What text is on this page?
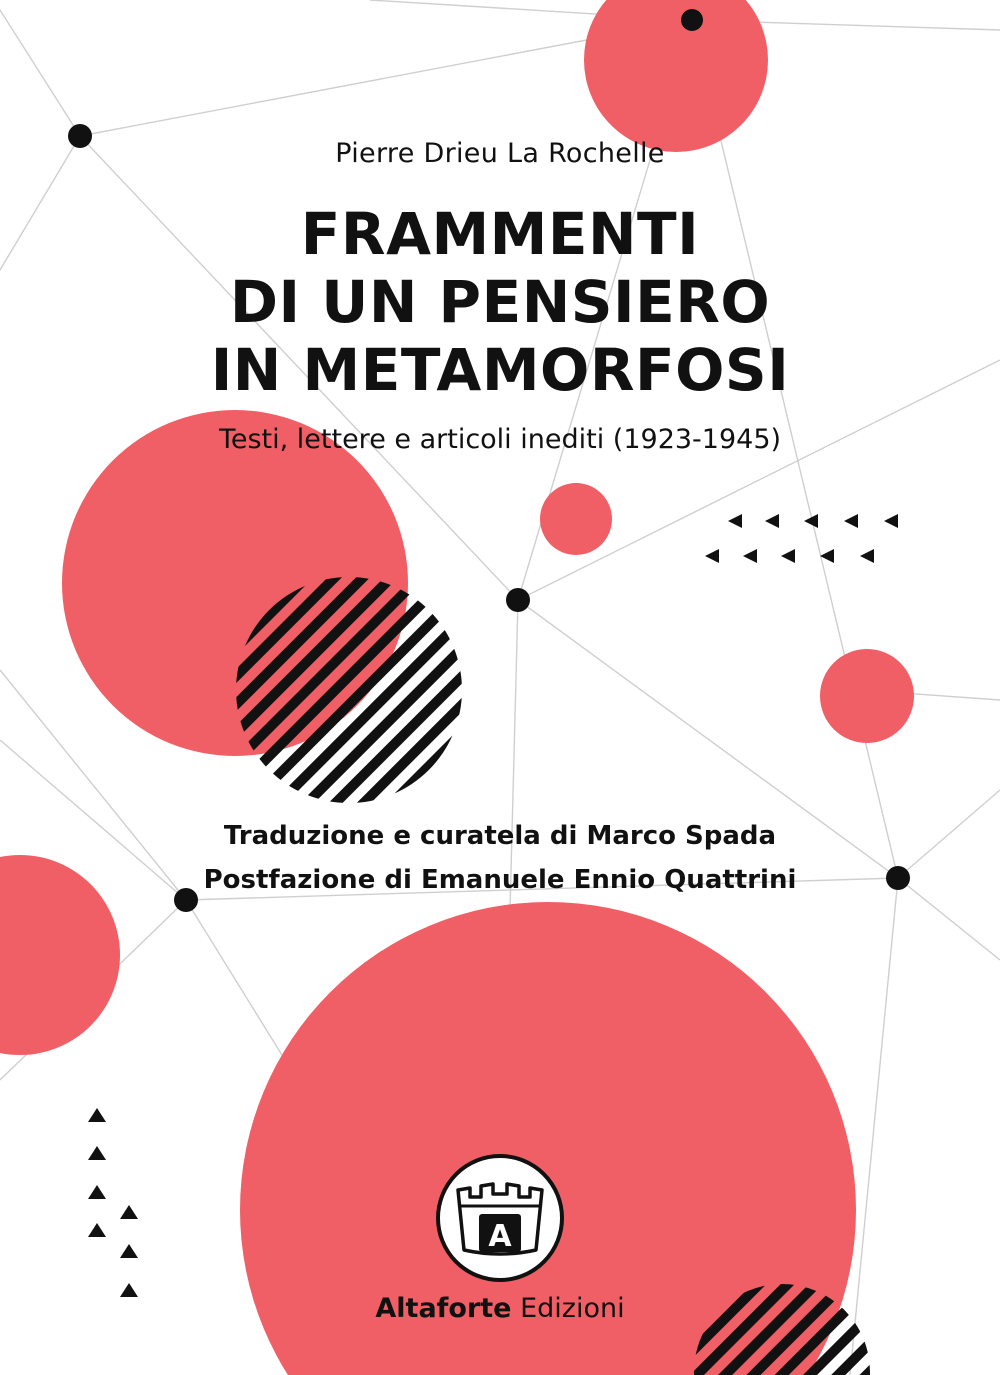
A
Pierre Drieu La Rochelle
FRAMMENTI
DI UN PENSIERO
IN METAMORFOSI
Testi, lettere e articoli inediti (1923-1945)
Traduzione e curatela di Marco Spada
Postfazione di Emanuele Ennio Quattrini
Altaforte Edizioni
